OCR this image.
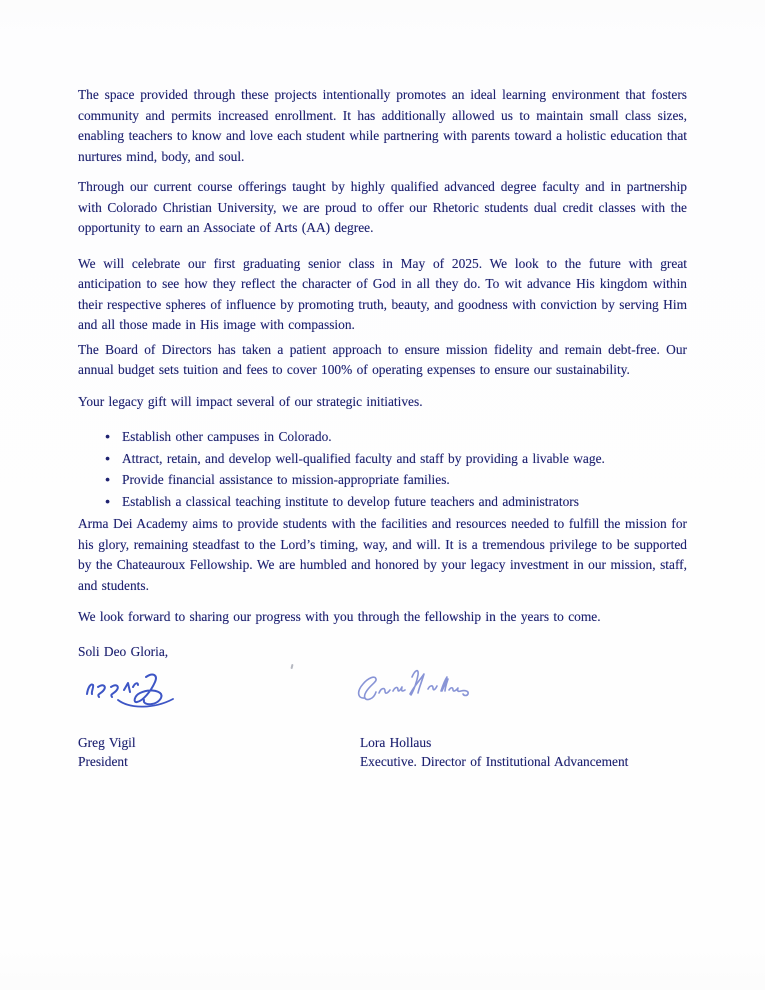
The space provided through these projects intentionally promotes an ideal learning environment that fosters community and permits increased enrollment. It has additionally allowed us to maintain small class sizes, enabling teachers to know and love each student while partnering with parents toward a holistic education that nurtures mind, body, and soul.

Through our current course offerings taught by highly qualified advanced degree faculty and in partnership with Colorado Christian University, we are proud to offer our Rhetoric students dual credit classes with the opportunity to earn an Associate of Arts (AA) degree.

We will celebrate our first graduating senior class in May of 2025. We look to the future with great anticipation to see how they reflect the character of God in all they do. To wit advance His kingdom within their respective spheres of influence by promoting truth, beauty, and goodness with conviction by serving Him and all those made in His image with compassion.

The Board of Directors has taken a patient approach to ensure mission fidelity and remain debt-free. Our annual budget sets tuition and fees to cover 100% of operating expenses to ensure our sustainability.

Your legacy gift will impact several of our strategic initiatives.

● Establish other campuses in Colorado.
● Attract, retain, and develop well-qualified faculty and staff by providing a livable wage.
● Provide financial assistance to mission-appropriate families.
● Establish a classical teaching institute to develop future teachers and administrators

Arma Dei Academy aims to provide students with the facilities and resources needed to fulfill the mission for his glory, remaining steadfast to the Lord’s timing, way, and will. It is a tremendous privilege to be supported by the Chateauroux Fellowship. We are humbled and honored by your legacy investment in our mission, staff, and students.

We look forward to sharing our progress with you through the fellowship in the years to come.

Soli Deo Gloria,

Greg Vigil
President
Lora Hollaus
Executive. Director of Institutional Advancement
